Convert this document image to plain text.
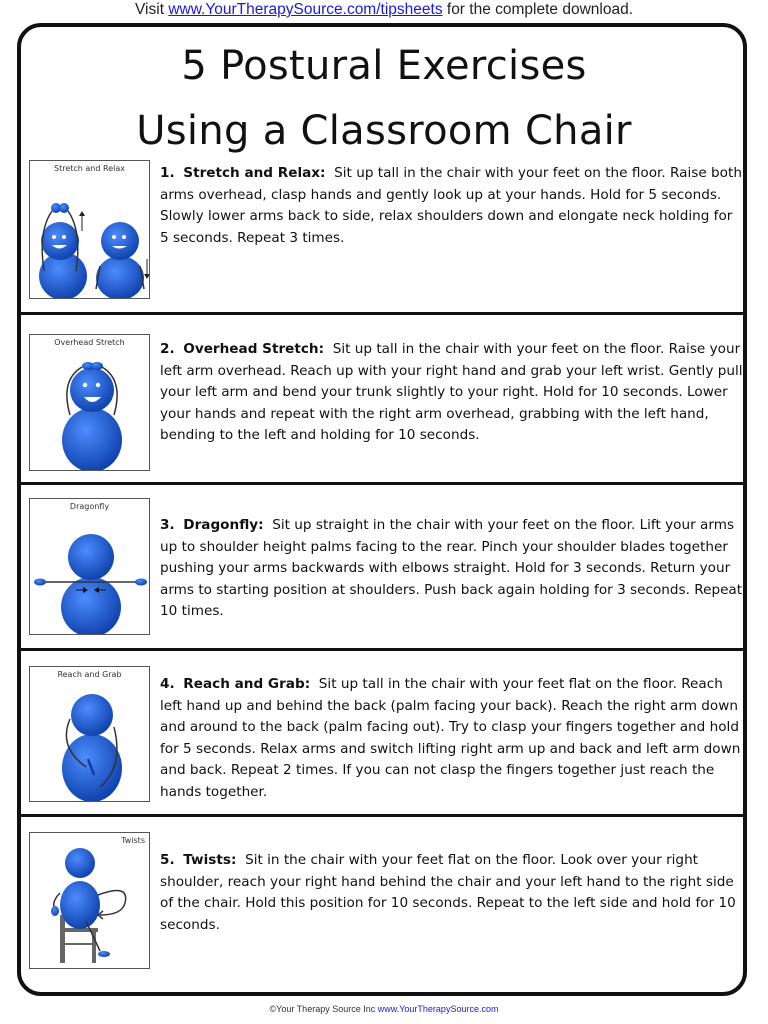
Visit www.YourTherapySource.com/tipsheets for the complete download.
5 Postural Exercises
Using a Classroom Chair
Stretch and Relax	1. Stretch and Relax: Sit up tall in the chair with your feet on the floor. Raise both arms overhead, clasp hands and gently look up at your hands. Hold for 5 seconds. Slowly lower arms back to side, relax shoulders down and elongate neck holding for 5 seconds. Repeat 3 times.
Overhead Stretch	2. Overhead Stretch: Sit up tall in the chair with your feet on the floor. Raise your left arm overhead. Reach up with your right hand and grab your left wrist. Gently pull your left arm and bend your trunk slightly to your right. Hold for 10 seconds. Lower your hands and repeat with the right arm overhead, grabbing with the left hand, bending to the left and holding for 10 seconds.
Dragonfly
3. Dragonfly: Sit up straight in the chair with your feet on the floor. Lift your arms up to shoulder height palms facing to the rear. Pinch your shoulder blades together pushing your arms backwards with elbows straight. Hold for 3 seconds. Return your arms to starting position at shoulders. Push back again holding for 3 seconds. Repeat 10 times.
Reach and Grab
4. Reach and Grab: Sit up tall in the chair with your feet flat on the floor. Reach left hand up and behind the back (palm facing your back). Reach the right arm down and around to the back (palm facing out). Try to clasp your fingers together and hold for 5 seconds. Relax arms and switch lifting right arm up and back and left arm down and back. Repeat 2 times. If you can not clasp the fingers together just reach the hands together.
Twists
5. Twists: Sit in the chair with your feet flat on the floor. Look over your right shoulder, reach your right hand behind the chair and your left hand to the right side of the chair. Hold this position for 10 seconds. Repeat to the left side and hold for 10 seconds.
©Your Therapy Source Inc www.YourTherapySource.com
